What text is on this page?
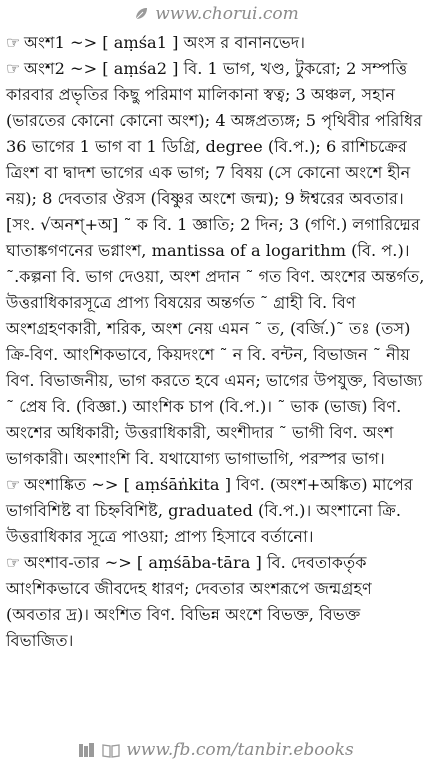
www.chorui.com

☞ অংশ1 ~> [ aṃśa1 ] অংস র বানানভেদ।

☞ অংশ2 ~> [ aṃśa2 ] বি. 1 ভাগ, খণ্ড, টুকরো; 2 সম্পত্তি কারবার প্রভৃতির কিছু পরিমাণ মালিকানা স্বত্ব; 3 অঞ্চল, সহান (ভারতের কোনো কোনো অংশ); 4 অঙ্গপ্রত্যঙ্গ; 5 পৃথিবীর পরিধির 36 ভাগের 1 ভাগ বা 1 ডিগ্রি, degree (বি.প.); 6 রাশিচক্রের ত্রিংশ বা দ্বাদশ ভাগের এক ভাগ; 7 বিষয় (সে কোনো অংশে হীন নয়); 8 দেবতার ঔরস (বিষ্ণুর অংশে জন্ম); 9 ঈশ্বরের অবতার। [সং. √অনশ্+অ] ˜ ক বি. 1 জ্ঞাতি; 2 দিন; 3 (গণি.) লগারিদ্মের ঘাতাঙ্কগণনের ভগ্নাংশ, mantissa of a logarithm (বি. প.)। ˜.কল্পনা বি. ভাগ দেওয়া, অংশ প্রদান ˜ গত বিণ. অংশের অন্তর্গত, উত্তরাধিকারসূত্রে প্রাপ্য বিষয়ের অন্তর্গত ˜ গ্রাহী বি. বিণ অংশগ্রহণকারী, শরিক, অংশ নেয় এমন ˜ ত, (বর্জি.)˜ তঃ (তস) ক্রি-বিণ. আংশিকভাবে, কিয়দংশে ˜ ন বি. বন্টন, বিভাজন ˜ নীয় বিণ. বিভাজনীয়, ভাগ করতে হবে এমন; ভাগের উপযুক্ত, বিভাজ্য ˜ প্রেষ বি. (বিজ্ঞা.) আংশিক চাপ (বি.প.)। ˜ ভাক (ভাজ) বিণ. অংশের অধিকারী; উত্তরাধিকারী, অংশীদার ˜ ভাগী বিণ. অংশ ভাগকারী। অংশাংশি বি. যথাযোগ্য ভাগাভাগি, পরস্পর ভাগ।

☞ অংশাঙ্কিত ~> [ aṃśāṅkita ] বিণ. (অংশ+অঙ্কিত) মাপের ভাগবিশিষ্ট বা চিহ্নবিশিষ্ট, graduated (বি.প.)। অংশানো ক্রি. উত্তরাধিকার সূত্রে পাওয়া; প্রাপ্য হিসাবে বর্তানো।

☞ অংশাব-তার ~> [ aṃśāba-tāra ] বি. দেবতাকর্তৃক আংশিকভাবে জীবদেহ ধারণ; দেবতার অংশরূপে জন্মগ্রহণ (অবতার দ্র)। অংশিত বিণ. বিভিন্ন অংশে বিভক্ত, বিভক্ত বিভাজিত।

www.fb.com/tanbir.ebooks
